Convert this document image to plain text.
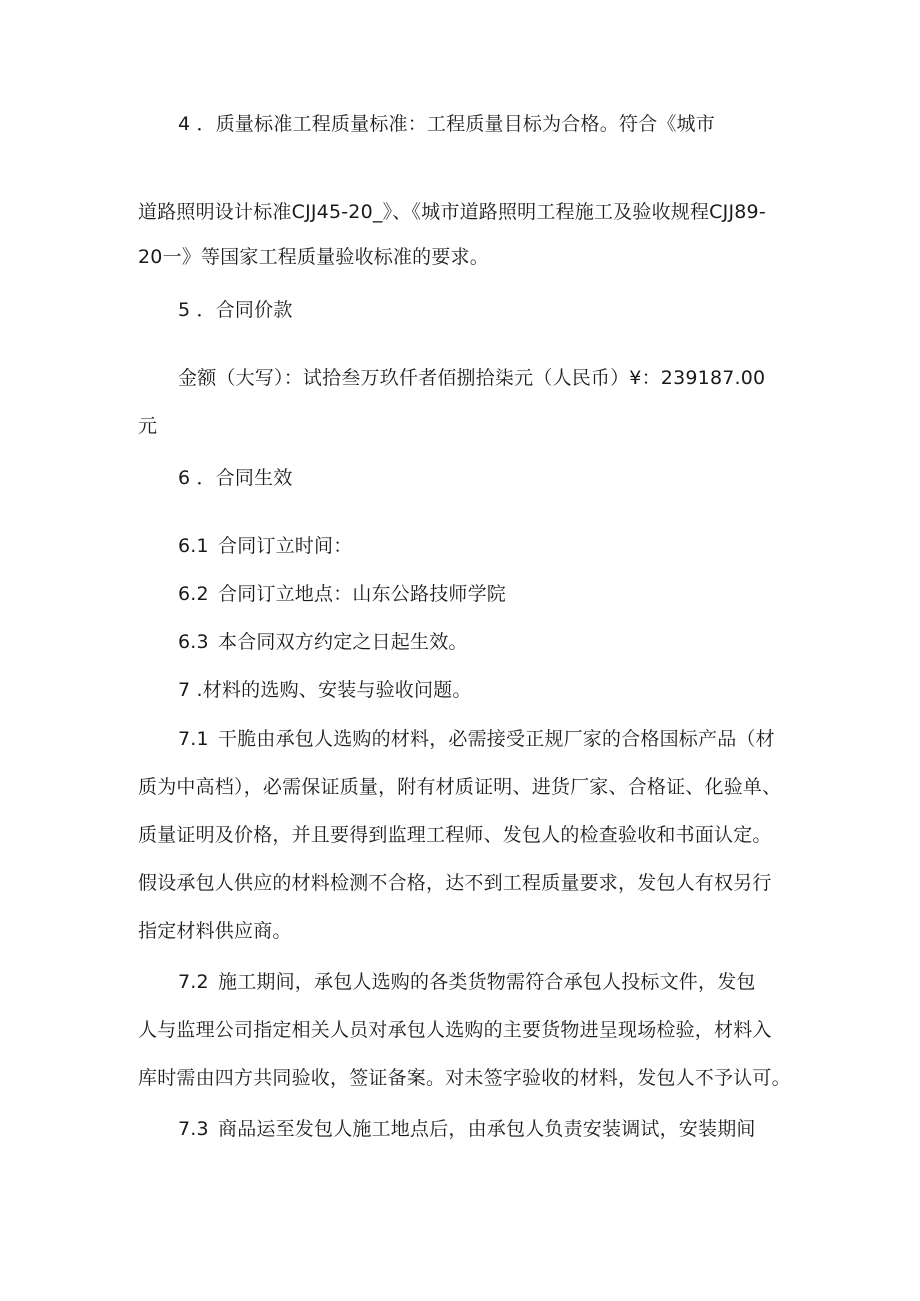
4 ．质量标准工程质量标准：工程质量目标为合格。符合《城市
道路照明设计标准CJJ45-20_》、《城市道路照明工程施工及验收规程CJJ89-
20一》等国家工程质量验收标准的要求。
5 ．合同价款
金额（大写）：试拾叁万玖仟者佰捌拾柒元（人民币）¥：239187.00
元
6 ．合同生效
6.1 合同订立时间：
6.2 合同订立地点：山东公路技师学院
6.3 本合同双方约定之日起生效。
7 .材料的选购、安装与验收问题。
7.1 干脆由承包人选购的材料，必需接受正规厂家的合格国标产品（材
质为中高档），必需保证质量，附有材质证明、进货厂家、合格证、化验单、
质量证明及价格，并且要得到监理工程师、发包人的检查验收和书面认定。
假设承包人供应的材料检测不合格，达不到工程质量要求，发包人有权另行
指定材料供应商。
7.2 施工期间，承包人选购的各类货物需符合承包人投标文件，发包
人与监理公司指定相关人员对承包人选购的主要货物进呈现场检验，材料入
库时需由四方共同验收，签证备案。对未签字验收的材料，发包人不予认可。
7.3 商品运至发包人施工地点后，由承包人负责安装调试，安装期间
